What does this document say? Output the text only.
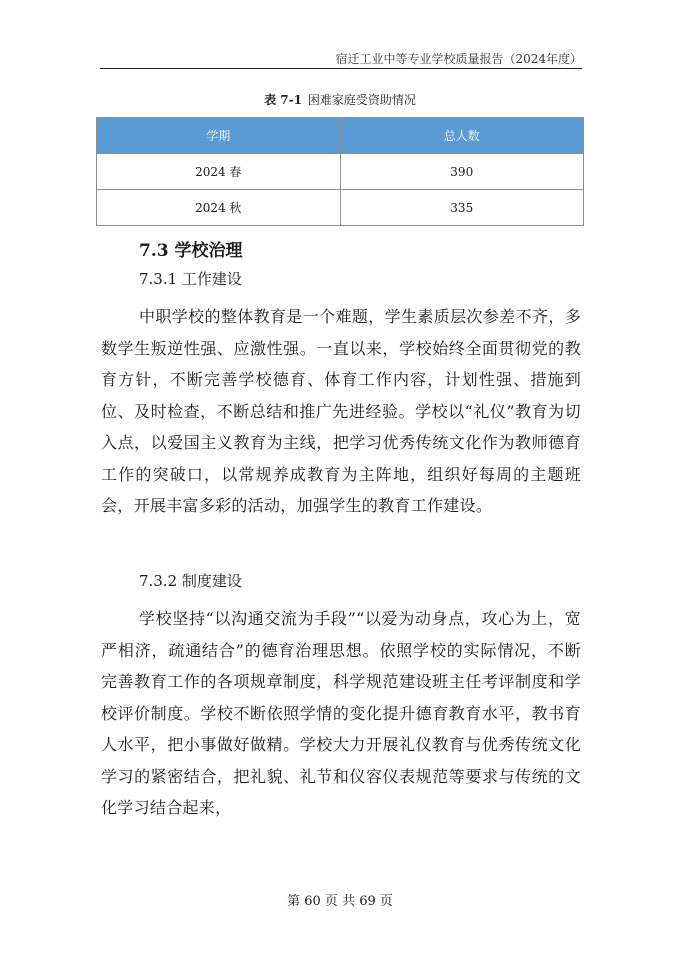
宿迁工业中等专业学校质量报告（2024年度）
表 7-1 困难家庭受资助情况
学期	总人数
2024 春	390
2024 秋	335
7.3 学校治理
7.3.1 工作建设

中职学校的整体教育是一个难题，学生素质层次参差不齐，多数学生叛逆性强、应激性强。一直以来，学校始终全面贯彻党的教育方针，不断完善学校德育、体育工作内容，计划性强、措施到位、及时检查，不断总结和推广先进经验。学校以“礼仪”教育为切入点，以爱国主义教育为主线，把学习优秀传统文化作为教师德育工作的突破口，以常规养成教育为主阵地，组织好每周的主题班会，开展丰富多彩的活动，加强学生的教育工作建设。

7.3.2 制度建设

学校坚持“以沟通交流为手段”“以爱为动身点，攻心为上，宽严相济，疏通结合”的德育治理思想。依照学校的实际情况，不断完善教育工作的各项规章制度，科学规范建设班主任考评制度和学校评价制度。学校不断依照学情的变化提升德育教育水平，教书育人水平，把小事做好做精。学校大力开展礼仪教育与优秀传统文化学习的紧密结合，把礼貌、礼节和仪容仪表规范等要求与传统的文化学习结合起来，

第 60 页 共 69 页
